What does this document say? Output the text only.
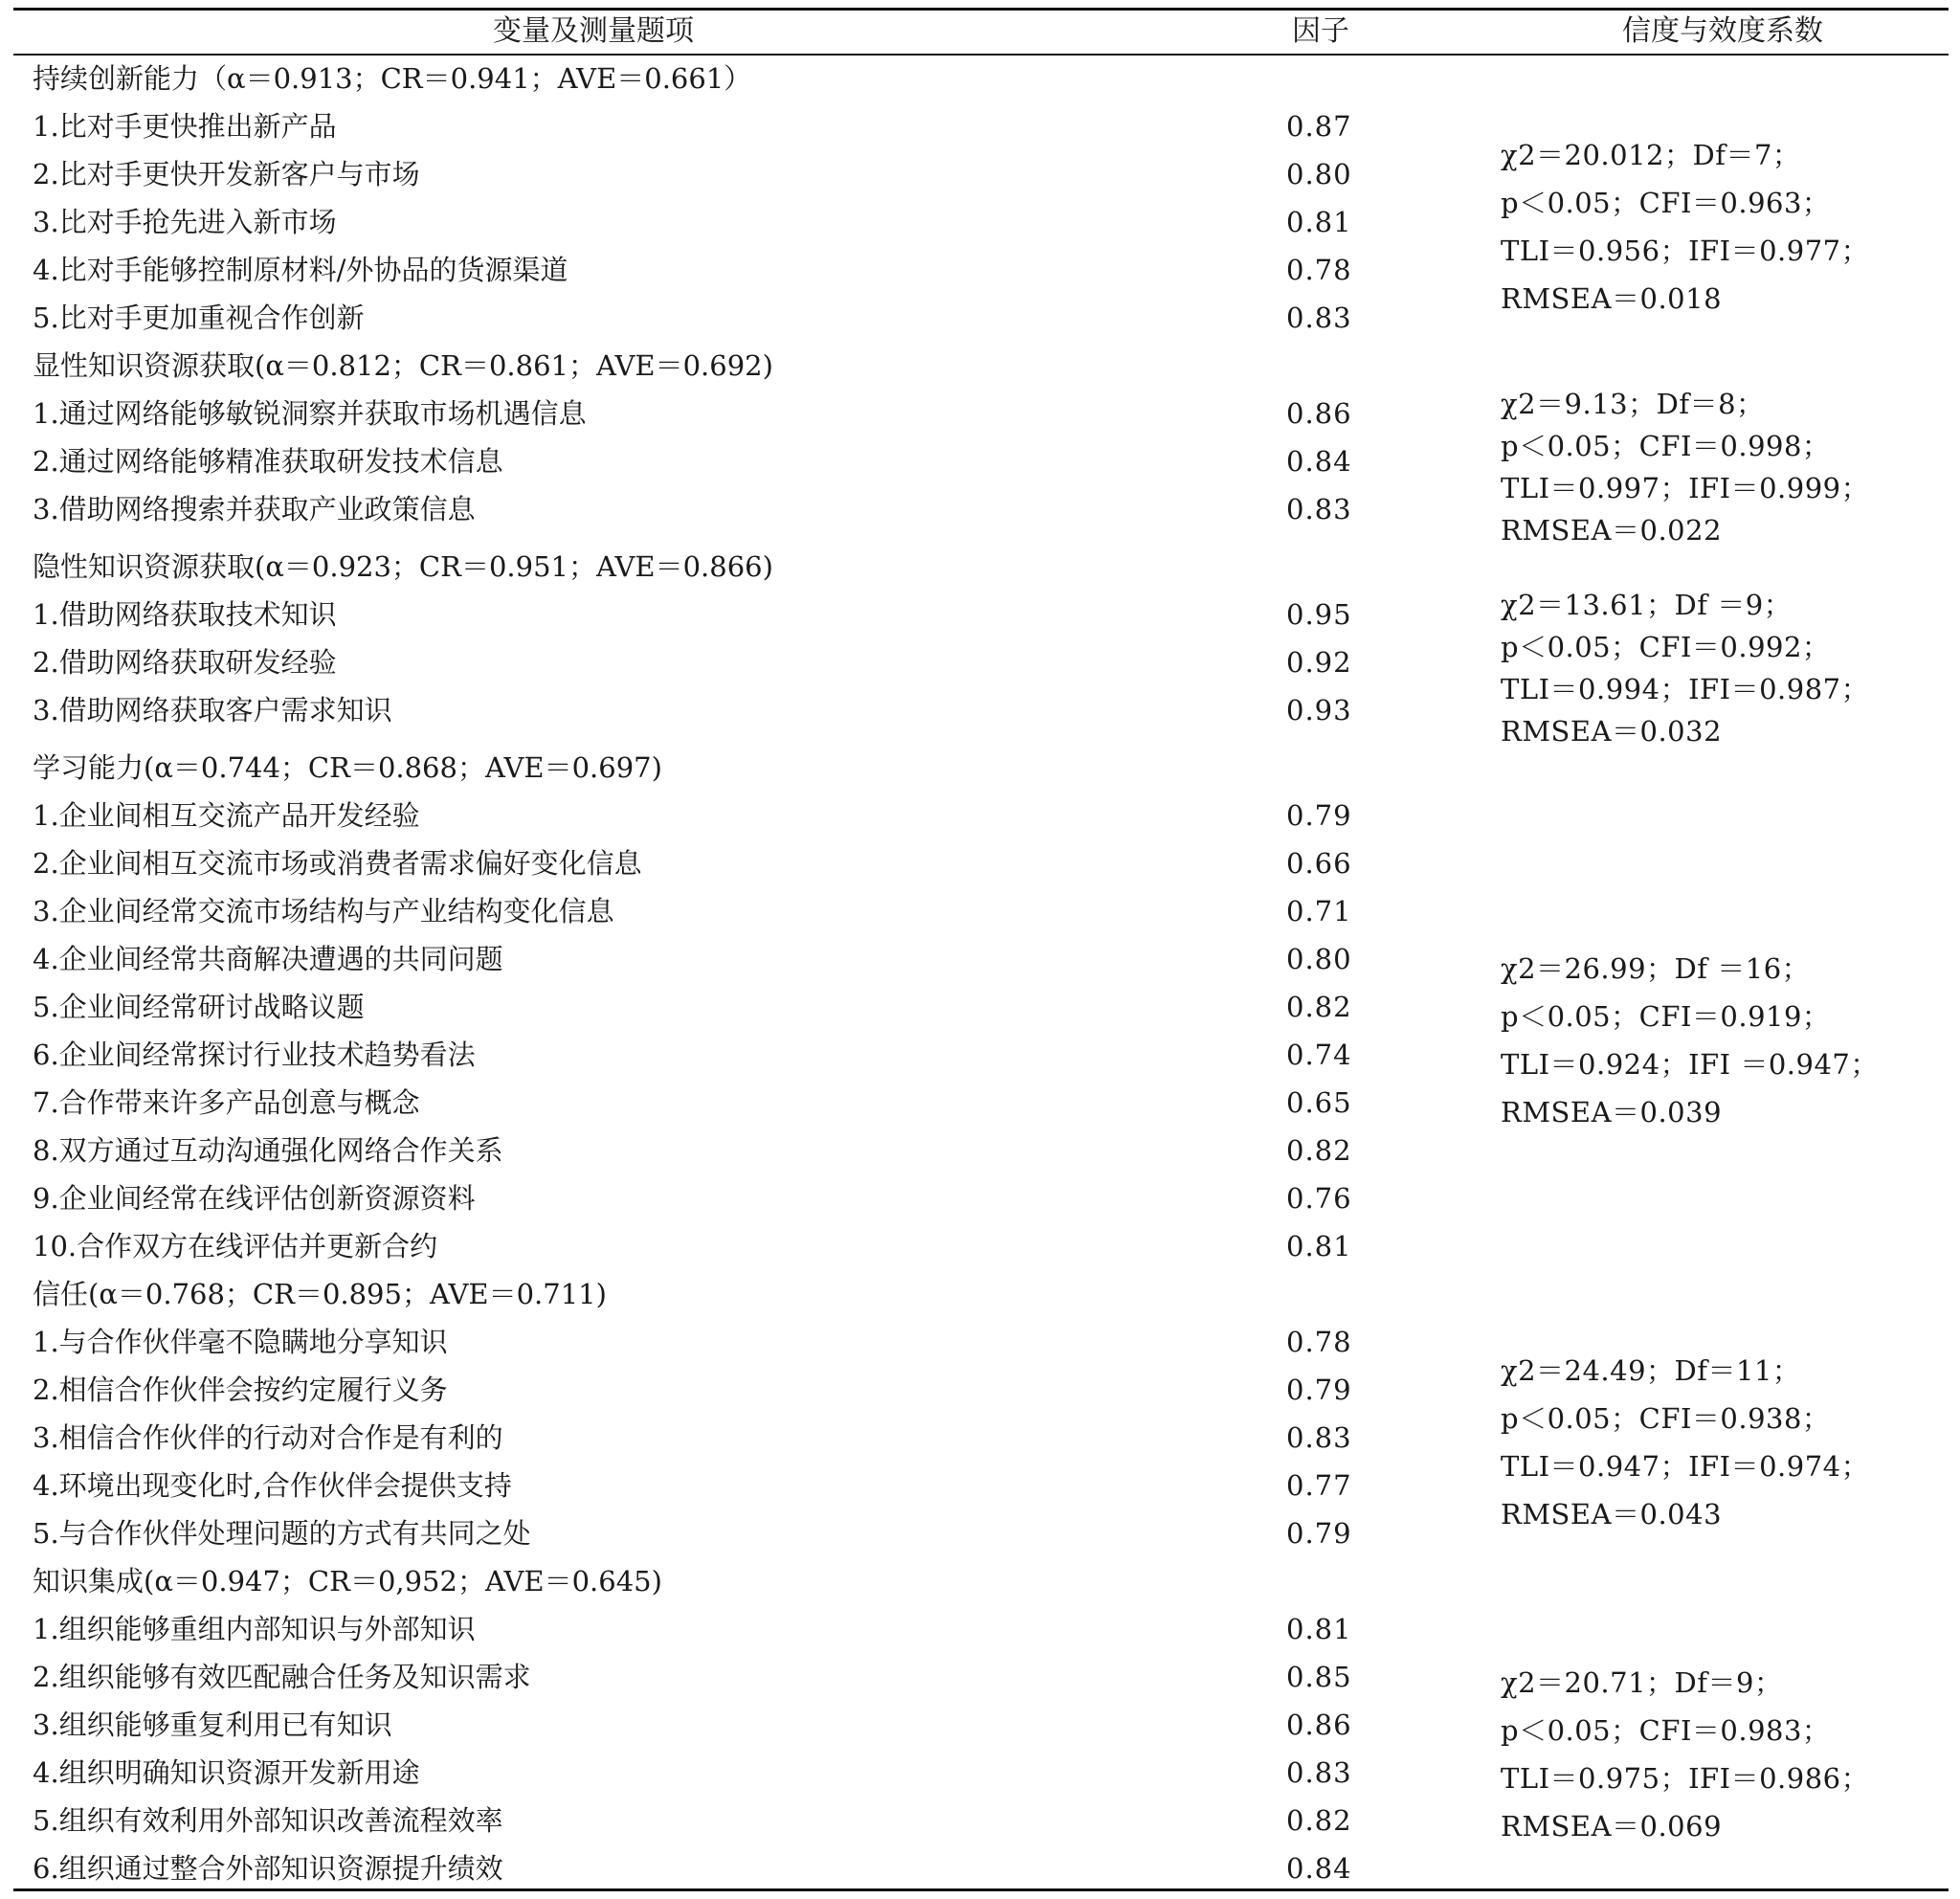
变量及测量题项	因子	信度与效度系数
持续创新能力（α＝0.913；CR＝0.941；AVE＝0.661）
1.比对手更快推出新产品	0.87
2.比对手更快开发新客户与市场	0.80
3.比对手抢先进入新市场	0.81
4.比对手能够控制原材料/外协品的货源渠道	0.78
5.比对手更加重视合作创新	0.83
χ2＝20.012；Df＝7；
p＜0.05；CFI＝0.963；
TLI＝0.956；IFI＝0.977；
RMSEA＝0.018
显性知识资源获取(α＝0.812；CR＝0.861；AVE＝0.692)
1.通过网络能够敏锐洞察并获取市场机遇信息	0.86
2.通过网络能够精准获取研发技术信息	0.84
3.借助网络搜索并获取产业政策信息	0.83
χ2＝9.13；Df＝8；
p＜0.05；CFI＝0.998；
TLI＝0.997；IFI＝0.999；
RMSEA＝0.022
隐性知识资源获取(α＝0.923；CR＝0.951；AVE＝0.866)
1.借助网络获取技术知识	0.95
2.借助网络获取研发经验	0.92
3.借助网络获取客户需求知识	0.93
χ2＝13.61；Df ＝9；
p＜0.05；CFI＝0.992；
TLI＝0.994；IFI＝0.987；
RMSEA＝0.032
学习能力(α＝0.744；CR＝0.868；AVE＝0.697)
1.企业间相互交流产品开发经验	0.79
2.企业间相互交流市场或消费者需求偏好变化信息	0.66
3.企业间经常交流市场结构与产业结构变化信息	0.71
4.企业间经常共商解决遭遇的共同问题	0.80
5.企业间经常研讨战略议题	0.82
6.企业间经常探讨行业技术趋势看法	0.74
7.合作带来许多产品创意与概念	0.65
8.双方通过互动沟通强化网络合作关系	0.82
9.企业间经常在线评估创新资源资料	0.76
10.合作双方在线评估并更新合约	0.81
χ2＝26.99；Df ＝16；
p＜0.05；CFI＝0.919；
TLI＝0.924；IFI ＝0.947；
RMSEA＝0.039
信任(α＝0.768；CR＝0.895；AVE＝0.711)
1.与合作伙伴毫不隐瞒地分享知识	0.78
2.相信合作伙伴会按约定履行义务	0.79
3.相信合作伙伴的行动对合作是有利的	0.83
4.环境出现变化时,合作伙伴会提供支持	0.77
5.与合作伙伴处理问题的方式有共同之处	0.79
χ2＝24.49；Df＝11；
p＜0.05；CFI＝0.938；
TLI＝0.947；IFI＝0.974；
RMSEA＝0.043
知识集成(α＝0.947；CR＝0,952；AVE＝0.645)
1.组织能够重组内部知识与外部知识	0.81
2.组织能够有效匹配融合任务及知识需求	0.85
3.组织能够重复利用已有知识	0.86
4.组织明确知识资源开发新用途	0.83
5.组织有效利用外部知识改善流程效率	0.82
6.组织通过整合外部知识资源提升绩效	0.84
χ2＝20.71；Df＝9；
p＜0.05；CFI＝0.983；
TLI＝0.975；IFI＝0.986；
RMSEA＝0.069
